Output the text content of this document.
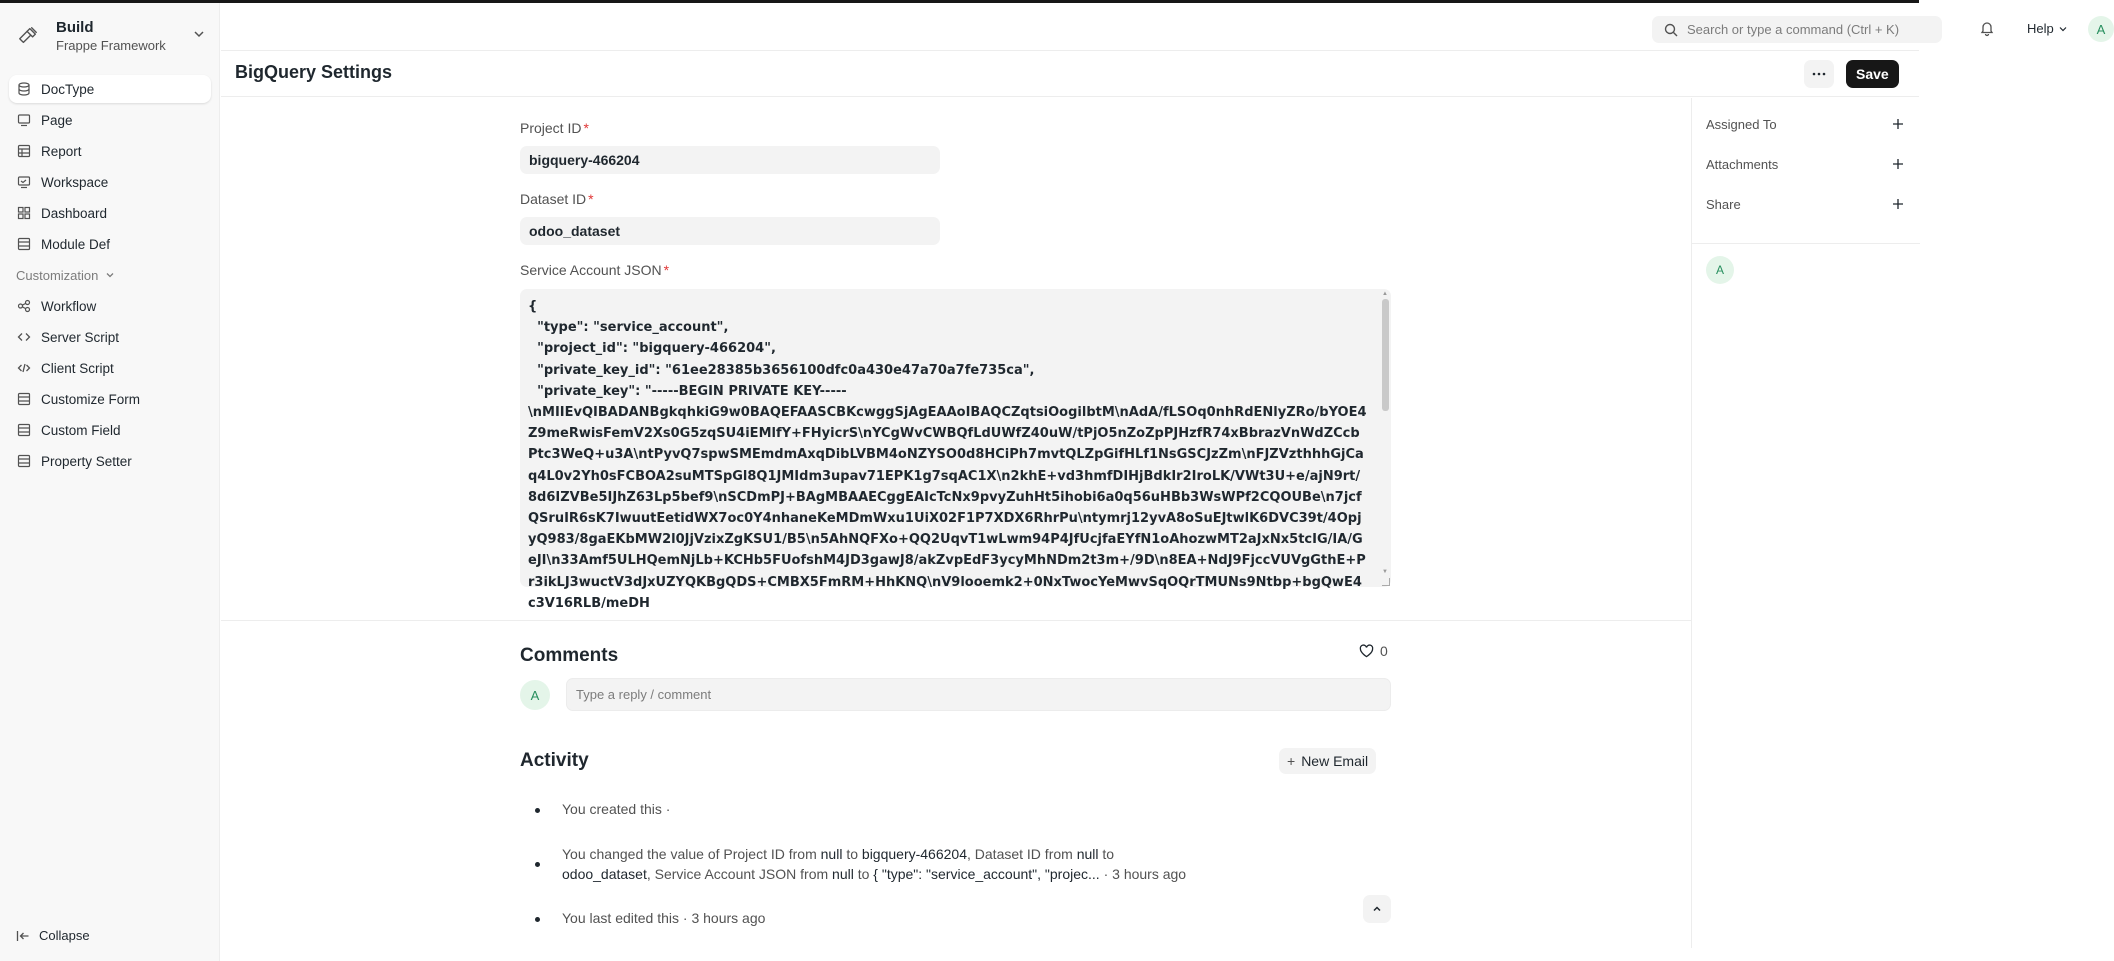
Build
Frappe Framework
DocType
Page
Report
Workspace
Dashboard
Module Def
Customization
Workflow
Server Script
Client Script
Customize Form
Custom Field
Property Setter
Collapse
Search or type a command (Ctrl + K)	Help	A
BigQuery Settings	Save
Project ID *
bigquery-466204
Dataset ID *
odoo_dataset
Service Account JSON *
{
"type": "service_account",
"project_id": "bigquery-466204",
"private_key_id": "61ee28385b3656100dfc0a430e47a70a7fe735ca",
"private_key": "-----BEGIN PRIVATE KEY-----
\nMIIEvQIBADANBgkqhkiG9w0BAQEFAASCBKcwggSjAgEAAoIBAQCZqtsiOogilbtM\nAdA/fLSOq0nhRdENlyZRo/bYOE4Z9meRwisFemV2Xs0G5zqSU4iEMlfY+FHyicrS\nYCgWvCWBQfLdUWfZ40uW/tPjO5nZoZpPJHzfR74xBbrazVnWdZCcbPtc3WeQ+u3A\ntPyvQ7spwSMEmdmAxqDibLVBM4oNZYSO0d8HCiPh7mvtQLZpGifHLf1NsGSCJzZm\nFJZVzthhhGjCaq4L0v2Yh0sFCBOA2suMTSpGl8Q1JMIdm3upav71EPK1g7sqAC1X\n2khE+vd3hmfDIHjBdkIr2IroLK/VWt3U+e/ajN9rt/8d6IZVBe5IJhZ63Lp5bef9\nSCDmPJ+BAgMBAAECggEAIcTcNx9pvyZuhHt5ihobi6a0q56uHBb3WsWPf2CQOUBe\n7jcfQSruIR6sK7IwuutEetidWX7oc0Y4nhaneKeMDmWxu1UiX02F1P7XDX6RhrPu\ntymrj12yvA8oSuEJtwlK6DVC39t/4OpjyQ983/8gaEKbMW2l0JjVzixZgKSU1/B5\n5AhNQFXo+QQ2UqvT1wLwm94P4JfUcjfaEYfN1oAhozwMT2aJxNx5tcIG/IA/GeJI\n33Amf5ULHQemNjLb+KCHb5FUofshM4JD3gawJ8/akZvpEdF3ycyMhNDm2t3m+/9D\n8EA+NdJ9FjccVUVgGthE+Pr3ikLJ3wuctV3dJxUZYQKBgQDS+CMBX5FmRM+HhKNQ\nV9looemk2+0NxTwocYeMwvSqOQrTMUNs9Ntbp+bgQwE4c3V16RLB/meDH
▲
▼
Comments	0
A	Type a reply / comment
Activity	+ New Email
You created this ·
You changed the value of Project ID from null to bigquery-466204, Dataset ID from null to
odoo_dataset, Service Account JSON from null to { "type": "service_account", "projec... · 3 hours ago
You last edited this · 3 hours ago
Assigned To
Attachments
Share
A
